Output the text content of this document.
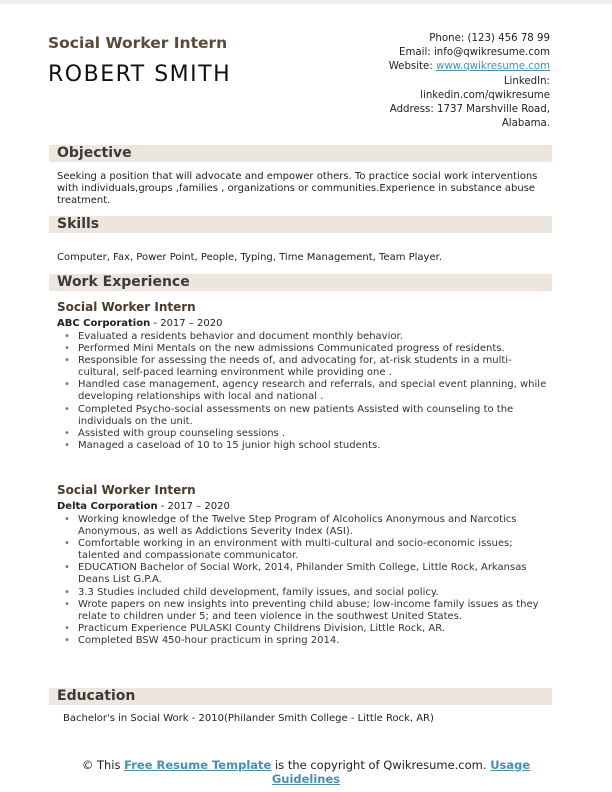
Social Worker Intern
ROBERT SMITH
Phone: (123) 456 78 99
Email: info@qwikresume.com
Website: www.qwikresume.com
LinkedIn:
linkedin.com/qwikresume
Address: 1737 Marshville Road,
Alabama.
Objective
Seeking a position that will advocate and empower others. To practice social work interventions with individuals,groups ,families , organizations or communities.Experience in substance abuse treatment.
Skills
Computer, Fax, Power Point, People, Typing, Time Management, Team Player.
Work Experience
Social Worker Intern
ABC Corporation - 2017 – 2020
• Evaluated a residents behavior and document monthly behavior.
• Performed Mini Mentals on the new admissions Communicated progress of residents.
• Responsible for assessing the needs of, and advocating for, at-risk students in a multi-cultural, self-paced learning environment while providing one .
• Handled case management, agency research and referrals, and special event planning, while developing relationships with local and national .
• Completed Psycho-social assessments on new patients Assisted with counseling to the individuals on the unit.
• Assisted with group counseling sessions .
• Managed a caseload of 10 to 15 junior high school students.
Social Worker Intern
Delta Corporation - 2017 – 2020
• Working knowledge of the Twelve Step Program of Alcoholics Anonymous and Narcotics Anonymous, as well as Addictions Severity Index (ASI).
• Comfortable working in an environment with multi-cultural and socio-economic issues; talented and compassionate communicator.
• EDUCATION Bachelor of Social Work, 2014, Philander Smith College, Little Rock, Arkansas Deans List G.P.A.
• 3.3 Studies included child development, family issues, and social policy.
• Wrote papers on new insights into preventing child abuse; low-income family issues as they relate to children under 5; and teen violence in the southwest United States.
• Practicum Experience PULASKI County Childrens Division, Little Rock, AR.
• Completed BSW 450-hour practicum in spring 2014.
Education
Bachelor's in Social Work - 2010(Philander Smith College - Little Rock, AR)
© This Free Resume Template is the copyright of Qwikresume.com. Usage
Guidelines
